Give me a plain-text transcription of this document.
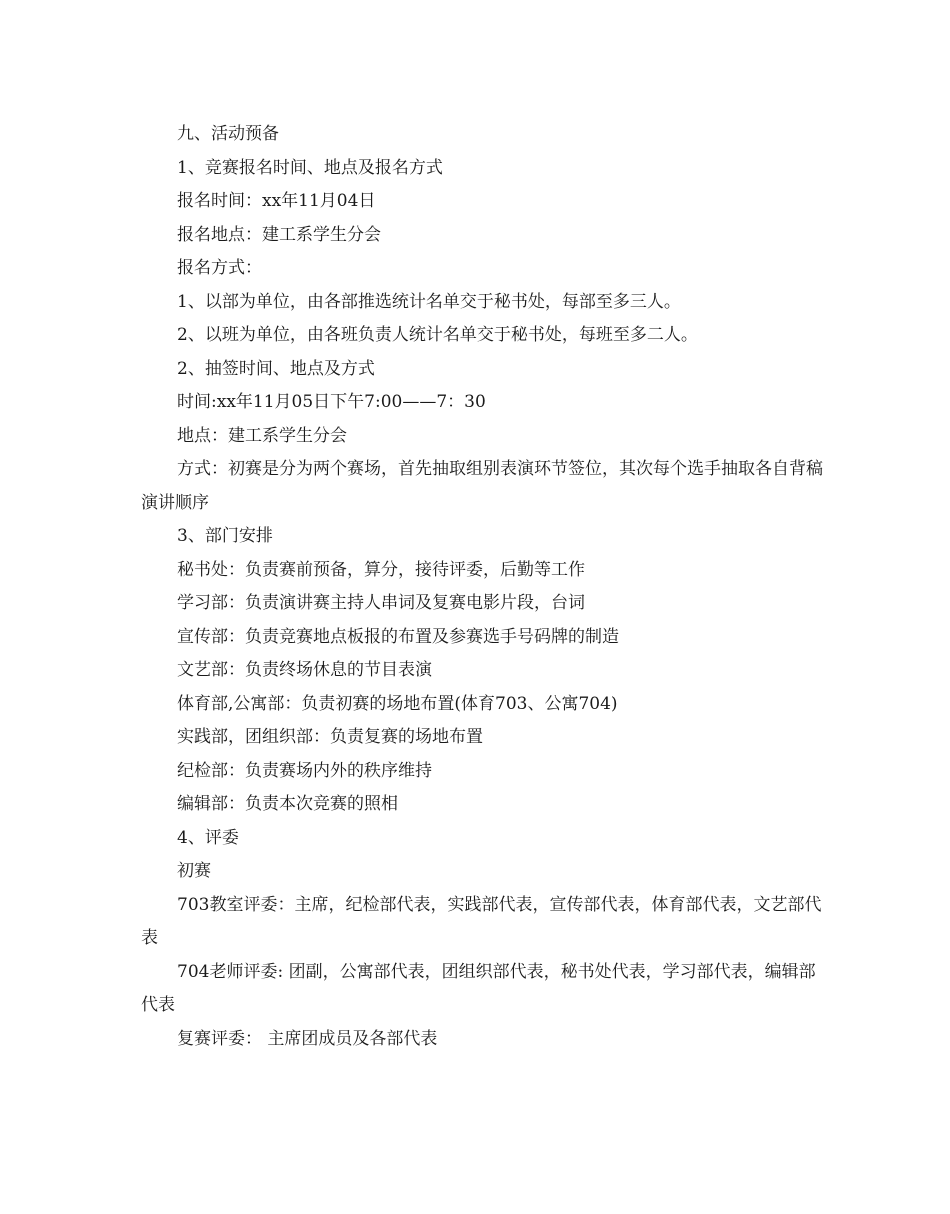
九、活动预备

1、竞赛报名时间、地点及报名方式

报名时间：xx年11月04日

报名地点：建工系学生分会

报名方式：

1、以部为单位，由各部推选统计名单交于秘书处，每部至多三人。

2、以班为单位，由各班负责人统计名单交于秘书处，每班至多二人。

2、抽签时间、地点及方式

时间:xx年11月05日下午7:00——7：30

地点：建工系学生分会

方式：初赛是分为两个赛场，首先抽取组别表演环节签位，其次每个选手抽取各自背稿演讲顺序

3、部门安排

秘书处：负责赛前预备，算分，接待评委，后勤等工作

学习部：负责演讲赛主持人串词及复赛电影片段，台词

宣传部：负责竞赛地点板报的布置及参赛选手号码牌的制造

文艺部：负责终场休息的节目表演

体育部,公寓部：负责初赛的场地布置(体育703、公寓704)

实践部，团组织部：负责复赛的场地布置

纪检部：负责赛场内外的秩序维持

编辑部：负责本次竞赛的照相

4、评委

初赛

703教室评委：主席，纪检部代表，实践部代表，宣传部代表，体育部代表，文艺部代表

704老师评委: 团副，公寓部代表，团组织部代表，秘书处代表，学习部代表，编辑部代表

复赛评委： 主席团成员及各部代表
